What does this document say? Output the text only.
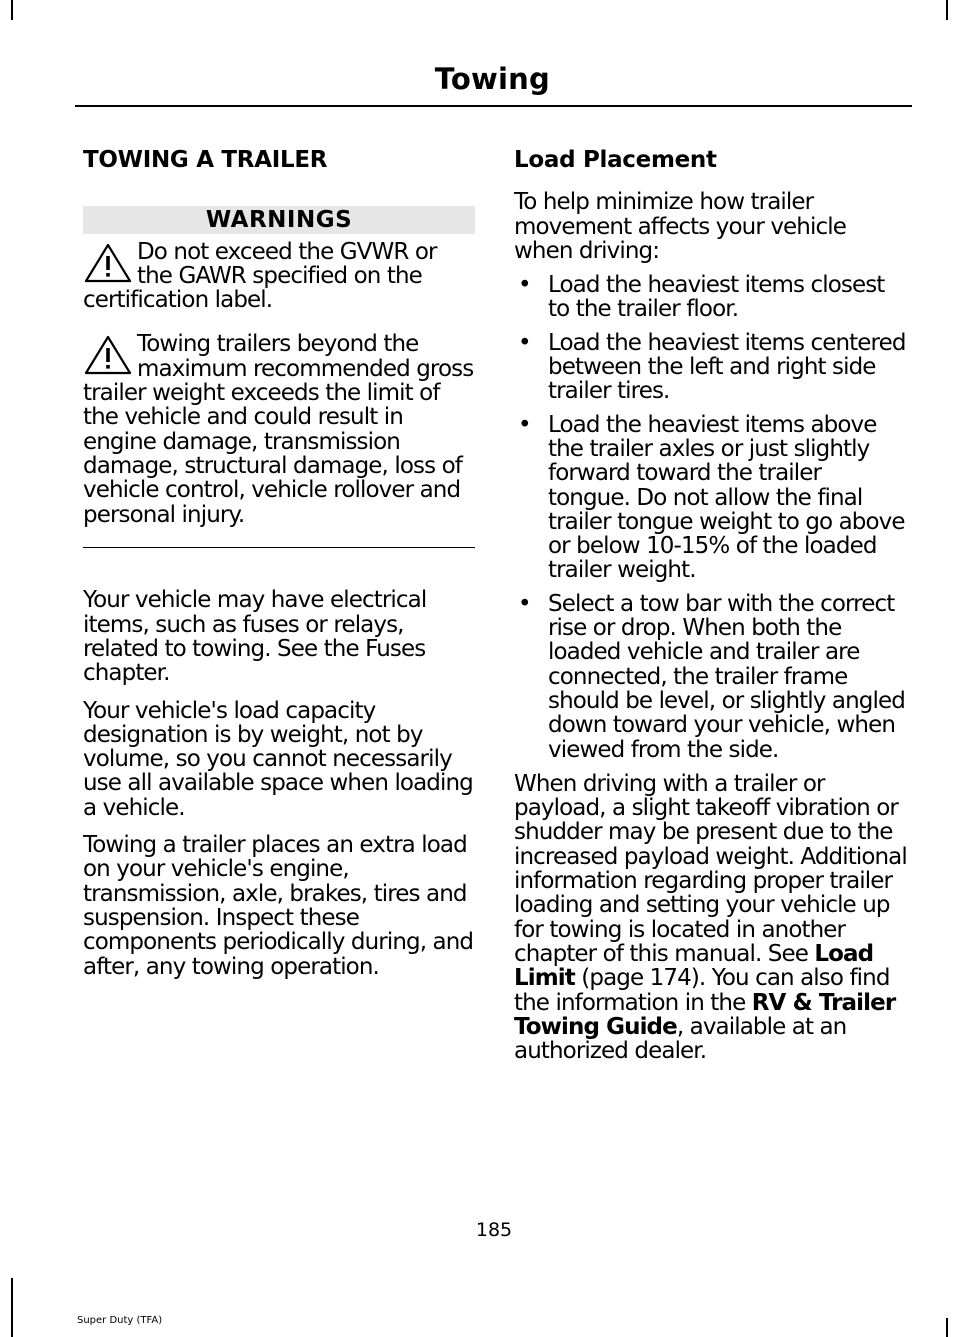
Towing
TOWING A TRAILER
WARNINGS
Do not exceed the GVWR or the GAWR specified on the certification label.
Towing trailers beyond the maximum recommended gross trailer weight exceeds the limit of the vehicle and could result in engine damage, transmission damage, structural damage, loss of vehicle control, vehicle rollover and personal injury.

Your vehicle may have electrical items, such as fuses or relays, related to towing. See the Fuses chapter.

Your vehicle's load capacity designation is by weight, not by volume, so you cannot necessarily use all available space when loading a vehicle.

Towing a trailer places an extra load on your vehicle's engine, transmission, axle, brakes, tires and suspension. Inspect these components periodically during, and after, any towing operation.

Load Placement

To help minimize how trailer movement affects your vehicle when driving:

• Load the heaviest items closest to the trailer floor.
• Load the heaviest items centered between the left and right side trailer tires.
• Load the heaviest items above the trailer axles or just slightly forward toward the trailer tongue. Do not allow the final trailer tongue weight to go above or below 10-15% of the loaded trailer weight.
• Select a tow bar with the correct rise or drop. When both the loaded vehicle and trailer are connected, the trailer frame should be level, or slightly angled down toward your vehicle, when viewed from the side.

When driving with a trailer or payload, a slight takeoff vibration or shudder may be present due to the increased payload weight. Additional information regarding proper trailer loading and setting your vehicle up for towing is located in another chapter of this manual. See Load Limit (page 174). You can also find the information in the RV & Trailer Towing Guide, available at an authorized dealer.

185
Super Duty (TFA)
